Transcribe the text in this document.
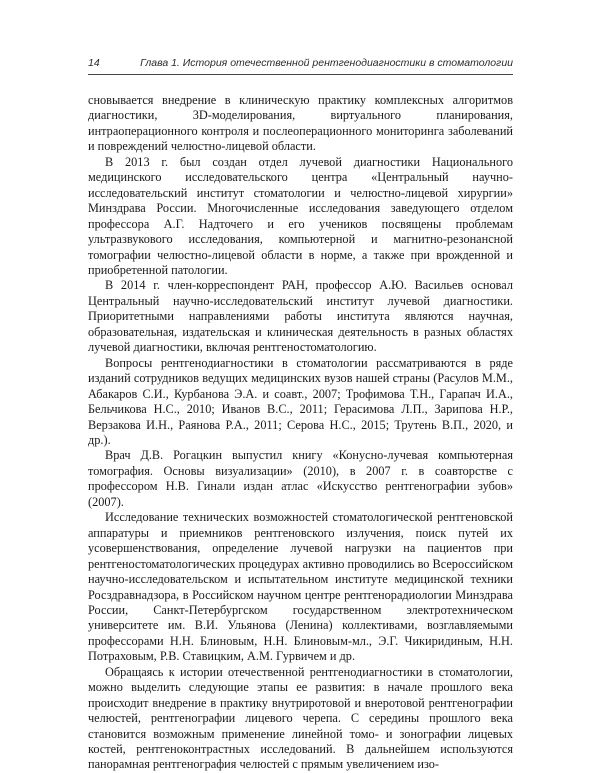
14	Глава 1. История отечественной рентгенодиагностики в стоматологии

сновывается внедрение в клиническую практику комплексных алгоритмов диагностики, 3D-моделирования, виртуального планирования, интраоперационного контроля и послеоперационного мониторинга заболеваний и повреждений челюстно-лицевой области.

В 2013 г. был создан отдел лучевой диагностики Национального медицинского исследовательского центра «Центральный научно-исследовательский институт стоматологии и челюстно-лицевой хирургии» Минздрава России. Многочисленные исследования заведующего отделом профессора А.Г. Надточего и его учеников посвящены проблемам ультразвукового исследования, компьютерной и магнитно-резонансной томографии челюстно-лицевой области в норме, а также при врожденной и приобретенной патологии.

В 2014 г. член-корреспондент РАН, профессор А.Ю. Васильев основал Центральный научно-исследовательский институт лучевой диагностики. Приоритетными направлениями работы института являются научная, образовательная, издательская и клиническая деятельность в разных областях лучевой диагностики, включая рентгеностоматологию.

Вопросы рентгенодиагностики в стоматологии рассматриваются в ряде изданий сотрудников ведущих медицинских вузов нашей страны (Расулов М.М., Абакаров С.И., Курбанова Э.А. и соавт., 2007; Трофимова Т.Н., Гарапач И.А., Бельчикова Н.С., 2010; Иванов В.С., 2011; Герасимова Л.П., Зарипова Н.Р., Верзакова И.Н., Раянова Р.А., 2011; Серова Н.С., 2015; Трутень В.П., 2020, и др.).

Врач Д.В. Рогацкин выпустил книгу «Конусно-лучевая компьютерная томография. Основы визуализации» (2010), в 2007 г. в соавторстве с профессором Н.В. Гинали издан атлас «Искусство рентгенографии зубов» (2007).

Исследование технических возможностей стоматологической рентгеновской аппаратуры и приемников рентгеновского излучения, поиск путей их усовершенствования, определение лучевой нагрузки на пациентов при рентгеностоматологических процедурах активно проводились во Всероссийском научно-исследовательском и испытательном институте медицинской техники Росздравнадзора, в Российском научном центре рентгенорадиологии Минздрава России, Санкт-Петербургском государственном электротехническом университете им. В.И. Ульянова (Ленина) коллективами, возглавляемыми профессорами Н.Н. Блиновым, Н.Н. Блиновым-мл., Э.Г. Чикиридиным, Н.Н. Потраховым, Р.В. Ставицким, А.М. Гурвичем и др.

Обращаясь к истории отечественной рентгенодиагностики в стоматологии, можно выделить следующие этапы ее развития: в начале прошлого века происходит внедрение в практику внутриротовой и внеротовой рентгенографии челюстей, рентгенографии лицевого черепа. С середины прошлого века становится возможным применение линейной томо- и зонографии лицевых костей, рентгеноконтрастных исследований. В дальнейшем используются панорамная рентгенография челюстей с прямым увеличением изо-
